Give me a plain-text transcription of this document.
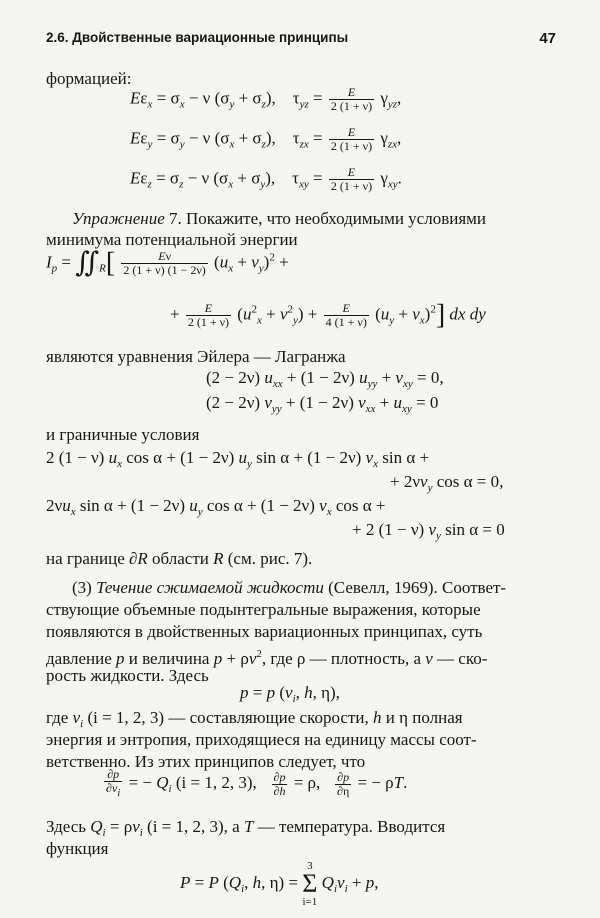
2.6. Двойственные вариационные принципы	47
формацией:
$E\varepsilon_x = \sigma_x - \nu$ $(\sigma_y + \sigma_z)$,    $\tau_{yz} = \frac{E}{2 (1 + \nu)} \gamma_{yz}$,
$E\varepsilon_y = \sigma_y - \nu$ $(\sigma_x + \sigma_z)$,    $\tau_{zx} = \frac{E}{2 (1 + \nu)} \gamma_{zx}$,
$E\varepsilon_z = \sigma_z - \nu$ $(\sigma_x + \sigma_y)$,    $\tau_{xy} = \frac{E}{2 (1 + \nu)} \gamma_{xy}$.
Упражнение 7. Покажите, что необходимыми условиями
минимума потенциальной энергии
$I_p$ = $∬_R[ \frac{E\nu}{2 (1 + \nu) (1 - 2\nu)} (u_x + v_y)^2$ +
+ $\frac{E}{2 (1 + \nu)} (u^2_x + v^2_y) + \frac{E}{4 (1 + \nu)} (u_y + v_x)^2$] dx dy
являются уравнения Эйлера — Лагранжа
(2 − 2ν) $u_{xx} + (1 - 2\nu) u_{yy} + v_{xy} = 0$,
(2 − 2ν) $v_{yy} + (1 - 2\nu) v_{xx} + u_{xy} = 0$
и граничные условия
2 (1 − ν) $u_x$ cos α + (1 − 2ν) $u_y$ sin α + (1 − 2ν) $v_x$ sin α +
+ $2\nu v_y$ cos α = 0,
$2\nu u_x$ sin α + (1 − 2ν) $u_y$ cos α + (1 − 2ν) $v_x$ cos α +
+ 2 (1 − ν) $v_y$ sin α = 0
на границе ∂R области R (см. рис. 7).
(3) Течение сжимаемой жидкости (Севелл, 1969). Соответ-
ствующие объемные подынтегральные выражения, которые
появляются в двойственных вариационных принципах, суть
давление p и величина $p + \rho v^2$, где ρ — плотность, а v — ско-
рость жидкости. Здесь
p = p ($v_i$, h, η),
где $v_i$ (i = 1, 2, 3) — составляющие скорости, h и η полная
энергия и энтропия, приходящиеся на единицу массы соот-
ветственно. Из этих принципов следует, что
$\frac{\partial p}{\partial vi}$ = − $Q_i$ (i = 1, 2, 3), $\frac{\partial p}{\partial h} = \rho$, $\frac{\partial p}{\partial\eta}$ = − ρT.
Здесь $Q_i = \rho v_i$ (i = 1, 2, 3), а T — температура. Вводится
функция
P = P ($Q_i$, h, η) =
3
Σ
i=1
$Q_iv_i + p$,
